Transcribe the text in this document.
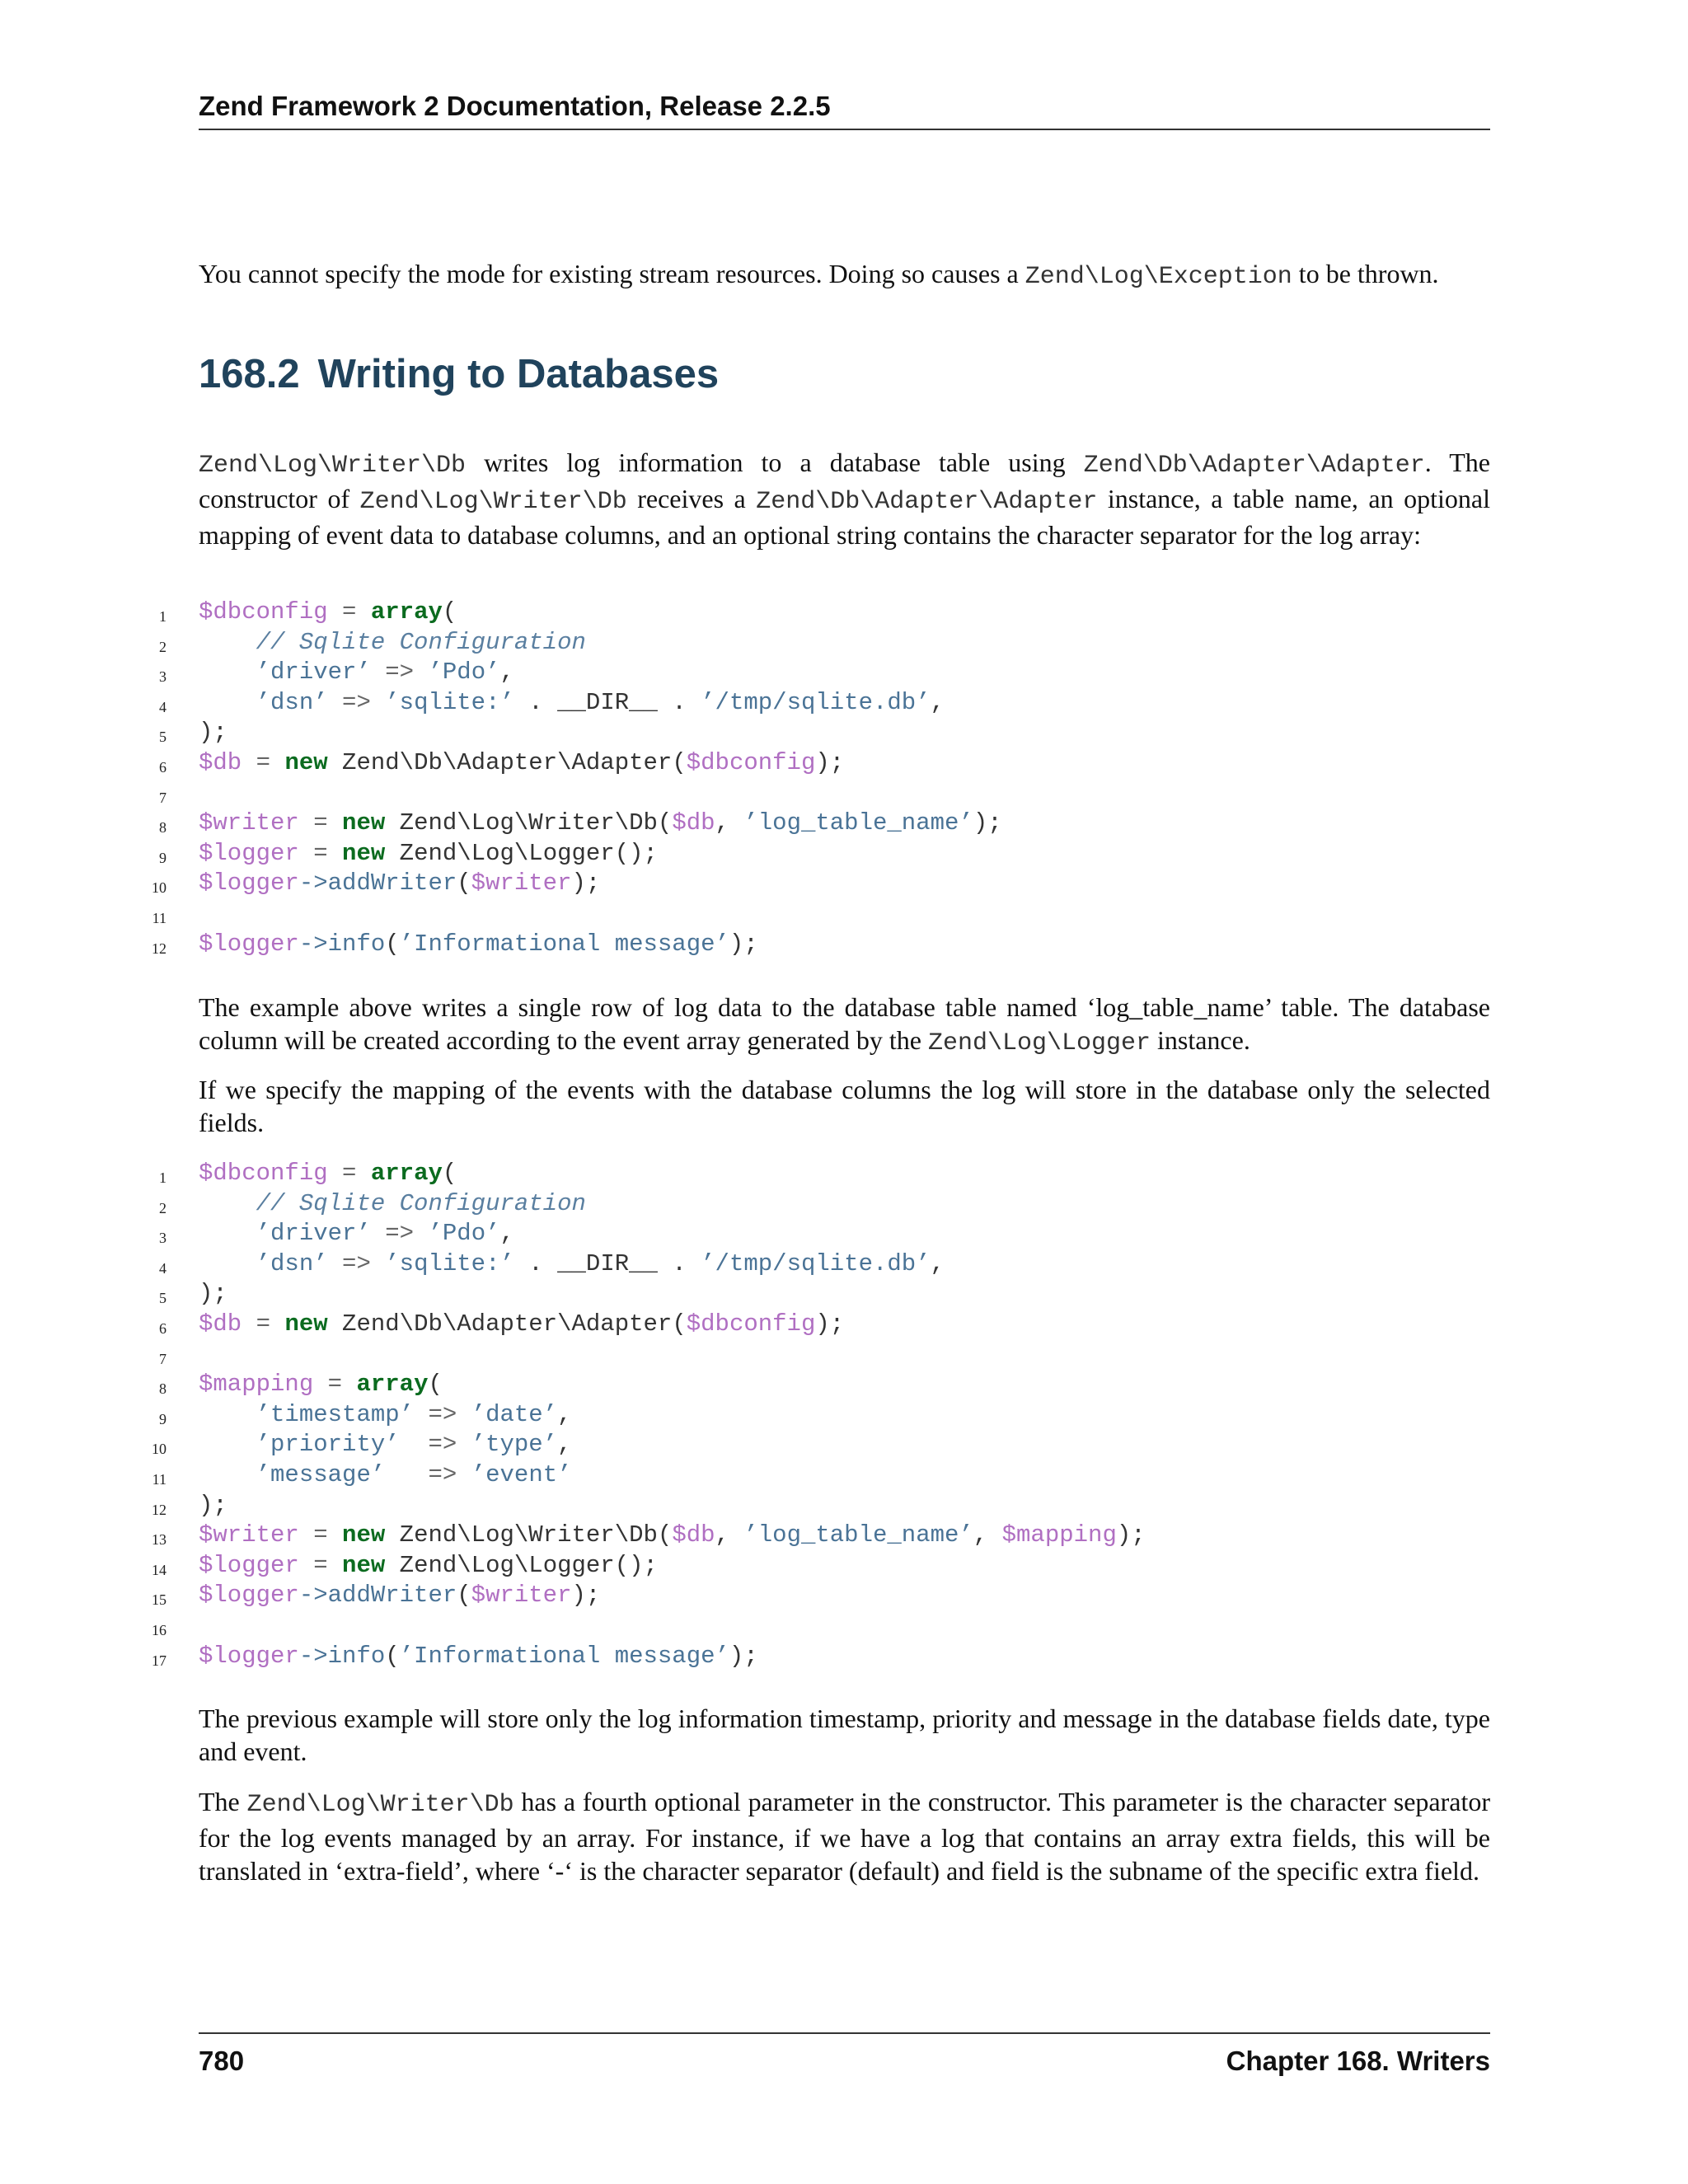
Zend Framework 2 Documentation, Release 2.2.5

You cannot specify the mode for existing stream resources. Doing so causes a Zend\Log\Exception to be thrown.

168.2 Writing to Databases

Zend\Log\Writer\Db writes log information to a database table using Zend\Db\Adapter\Adapter. The constructor of Zend\Log\Writer\Db receives a Zend\Db\Adapter\Adapter instance, a table name, an optional mapping of event data to database columns, and an optional string contains the character separator for the log array:

1 $dbconfig = array(
2	// Sqlite Configuration
3	’driver’ => ’Pdo’,
4	’dsn’ => ’sqlite:’ . __DIR__ . ’/tmp/sqlite.db’,
5 );
6 $db = new Zend\Db\Adapter\Adapter($dbconfig);
7
8 $writer = new Zend\Log\Writer\Db($db, ’log_table_name’);
9 $logger = new Zend\Log\Logger();
10 $logger->addWriter($writer);
11
12 $logger->info(’Informational message’);

The example above writes a single row of log data to the database table named ‘log_table_name’ table. The database column will be created according to the event array generated by the Zend\Log\Logger instance.

If we specify the mapping of the events with the database columns the log will store in the database only the selected fields.

1 $dbconfig = array(
2	// Sqlite Configuration
3	’driver’ => ’Pdo’,
4	’dsn’ => ’sqlite:’ . __DIR__ . ’/tmp/sqlite.db’,
5 );
6 $db = new Zend\Db\Adapter\Adapter($dbconfig);
7
8 $mapping = array(
9	’timestamp’ => ’date’,
10	’priority’ => ’type’,
11	’message’ => ’event’
12 );
13 $writer = new Zend\Log\Writer\Db($db, ’log_table_name’, $mapping);
14 $logger = new Zend\Log\Logger();
15 $logger->addWriter($writer);
16
17 $logger->info(’Informational message’);

The previous example will store only the log information timestamp, priority and message in the database fields date, type and event.

The Zend\Log\Writer\Db has a fourth optional parameter in the constructor. This parameter is the character separator for the log events managed by an array. For instance, if we have a log that contains an array extra fields, this will be translated in ‘extra-field’, where ‘-‘ is the character separator (default) and field is the subname of the specific extra field.

780	Chapter 168. Writers
